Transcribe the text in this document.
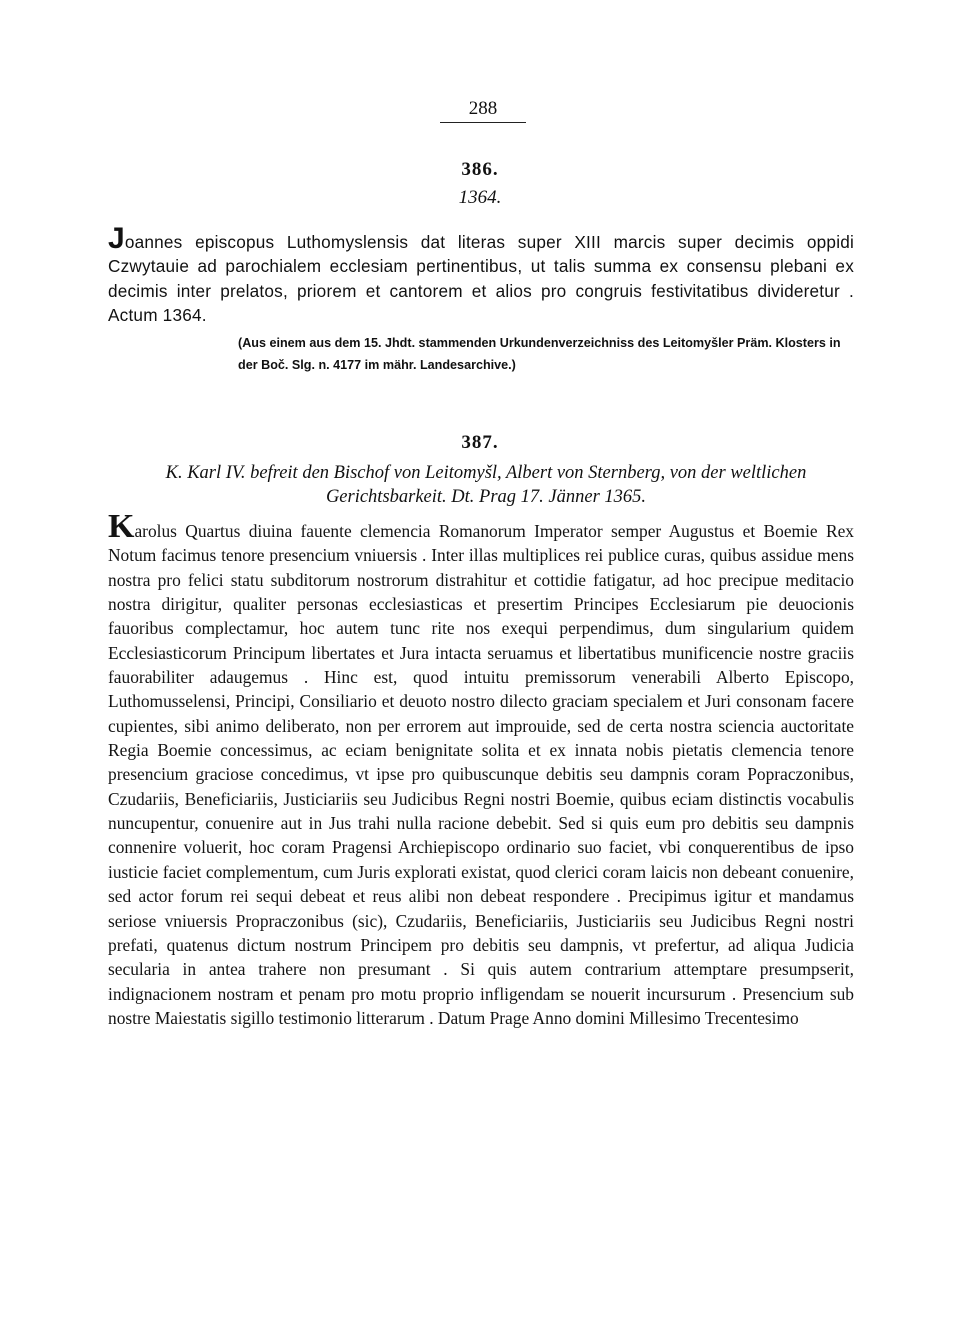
288
386.
1364.

Joannes episcopus Luthomyslensis dat literas super XIII marcis super decimis oppidi Czwytauie ad parochialem ecclesiam pertinentibus, ut talis summa ex consensu plebani ex decimis inter prelatos, priorem et cantorem et alios pro congruis festivitatibus divideretur . Actum 1364.

(Aus einem aus dem 15. Jhdt. stammenden Urkundenverzeichniss des Leitomyšler Präm. Klosters in der Boč. Slg. n. 4177 im mähr. Landesarchive.)

387.

K. Karl IV. befreit den Bischof von Leitomyšl, Albert von Sternberg, von der weltlichen Gerichtsbarkeit. Dt. Prag 17. Jänner 1365.

Karolus Quartus diuina fauente clemencia Romanorum Imperator semper Augustus et Boemie Rex Notum facimus tenore presencium vniuersis . Inter illas multiplices rei publice curas, quibus assidue mens nostra pro felici statu subditorum nostrorum distrahitur et cottidie fatigatur, ad hoc precipue meditacio nostra dirigitur, qualiter personas ecclesiasticas et presertim Principes Ecclesiarum pie deuocionis fauoribus complectamur, hoc autem tunc rite nos exequi perpendimus, dum singularium quidem Ecclesiasticorum Principum libertates et Jura intacta seruamus et libertatibus munificencie nostre graciis fauorabiliter adaugemus . Hinc est, quod intuitu premissorum venerabili Alberto Episcopo, Luthomusselensi, Principi, Consiliario et deuoto nostro dilecto graciam specialem et Juri consonam facere cupientes, sibi animo deliberato, non per errorem aut improuide, sed de certa nostra sciencia auctoritate Regia Boemie concessimus, ac eciam benignitate solita et ex innata nobis pietatis clemencia tenore presencium graciose concedimus, vt ipse pro quibuscunque debitis seu dampnis coram Popraczonibus, Czudariis, Beneficiariis, Justiciariis seu Judicibus Regni nostri Boemie, quibus eciam distinctis vocabulis nuncupentur, conuenire aut in Jus trahi nulla racione debebit. Sed si quis eum pro debitis seu dampnis connenire voluerit, hoc coram Pragensi Archiepiscopo ordinario suo faciet, vbi conquerentibus de ipso iusticie faciet complementum, cum Juris explorati existat, quod clerici coram laicis non debeant conuenire, sed actor forum rei sequi debeat et reus alibi non debeat respondere . Precipimus igitur et mandamus seriose vniuersis Propraczonibus (sic), Czudariis, Beneficiariis, Justiciariis seu Judicibus Regni nostri prefati, quatenus dictum nostrum Principem pro debitis seu dampnis, vt prefertur, ad aliqua Judicia secularia in antea trahere non presumant . Si quis autem contrarium attemptare presumpserit, indignacionem nostram et penam pro motu proprio infligendam se nouerit incursurum . Presencium sub nostre Maiestatis sigillo testimonio litterarum . Datum Prage Anno domini Millesimo Trecentesimo
